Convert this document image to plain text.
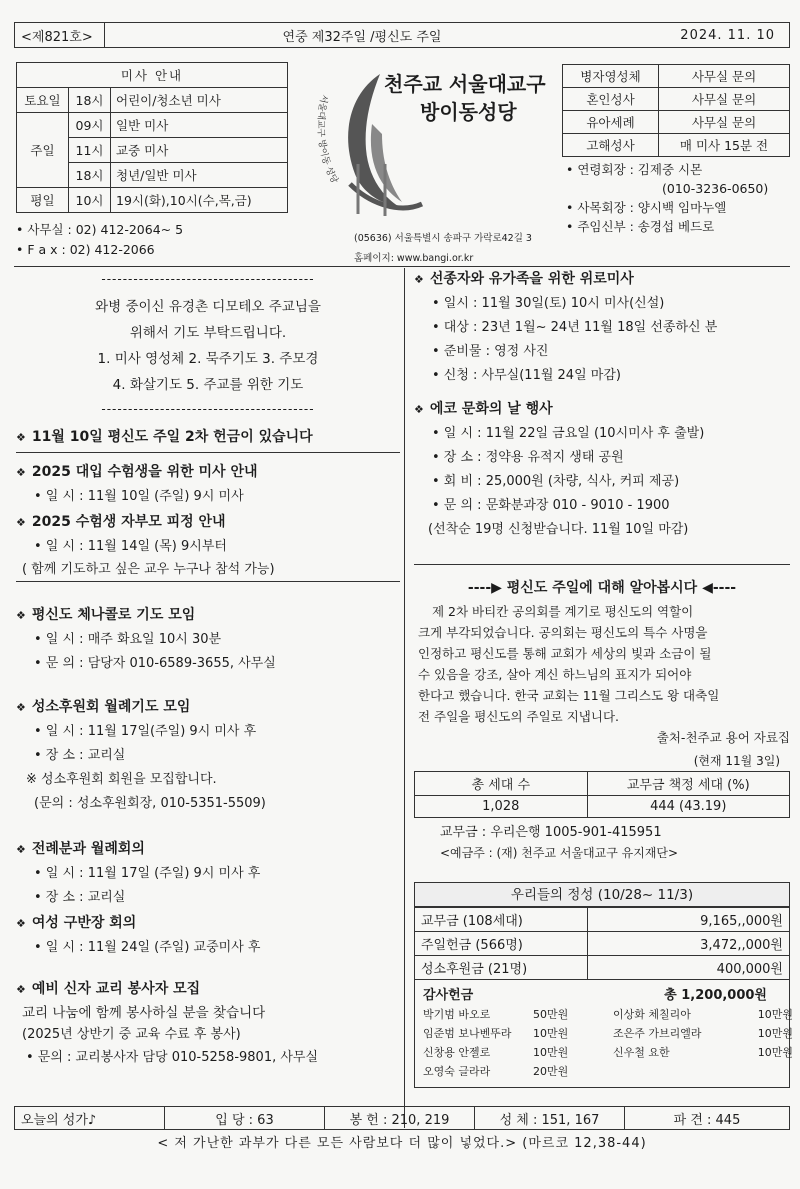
<제821호>	연중 제32주일 /평신도 주일	2024. 11. 10
미사 안내		
토요일	18시	어린이/청소년 미사
주일	09시	일반 미사
	11시	교중 미사
	18시	청년/일반 미사
평일	10시	19시(화),10시(수,목,금)
• 사무실 : 02) 412-2064~ 5
• F a x : 02) 412-2066
서울대교구 방이동 성당
천주교 서울대교구
방이동성당
(05636) 서울특별시 송파구 가락로42길 3
홈페이지: www.bangi.or.kr
병자영성체	사무실 문의
혼인성사	사무실 문의
유아세례	사무실 문의
고해성사	매 미사 15분 전
• 연령회장 : 김제중 시몬
(010-3236-0650)
• 사목회장 : 양시백 임마누엘
• 주임신부 : 송경섭 베드로
----------------------------------------
와병 중이신 유경촌 디모테오 주교님을
위해서 기도 부탁드립니다.
1. 미사 영성체 2. 묵주기도 3. 주모경
4. 화살기도 5. 주교를 위한 기도
----------------------------------------
❖ 11월 10일 평신도 주일 2차 헌금이 있습니다
❖ 2025 대입 수험생을 위한 미사 안내
• 일 시 : 11월 10일 (주일) 9시 미사
❖ 2025 수험생 자부모 피정 안내
• 일 시 : 11월 14일 (목) 9시부터
( 함께 기도하고 싶은 교우 누구나 참석 가능)
❖ 평신도 체나콜로 기도 모임
• 일 시 : 매주 화요일 10시 30분
• 문 의 : 담당자 010-6589-3655, 사무실
❖ 성소후원회 월례기도 모임
• 일 시 : 11월 17일(주일) 9시 미사 후
• 장 소 : 교리실
※ 성소후원회 회원을 모집합니다.
(문의 : 성소후원회장, 010-5351-5509)
❖ 전례분과 월례회의
• 일 시 : 11월 17일 (주일) 9시 미사 후
• 장 소 : 교리실
❖ 여성 구반장 회의
• 일 시 : 11월 24일 (주일) 교중미사 후
❖ 예비 신자 교리 봉사자 모집
교리 나눔에 함께 봉사하실 분을 찾습니다
(2025년 상반기 중 교육 수료 후 봉사)
• 문의 : 교리봉사자 담당 010-5258-9801, 사무실
❖ 선종자와 유가족을 위한 위로미사
• 일시 : 11월 30일(토) 10시 미사(신설)
• 대상 : 23년 1월~ 24년 11월 18일 선종하신 분
• 준비물 : 영정 사진
• 신청 : 사무실(11월 24일 마감)
❖ 에코 문화의 날 행사
• 일 시 : 11월 22일 금요일 (10시미사 후 출발)
• 장 소 : 정약용 유적지 생태 공원
• 회 비 : 25,000원 (차량, 식사, 커피 제공)
• 문 의 : 문화분과장 010 - 9010 - 1900
(선착순 19명 신청받습니다. 11월 10일 마감)
----▶ 평신도 주일에 대해 알아봅시다 ◀----
제 2차 바티칸 공의회를 계기로 평신도의 역할이
크게 부각되었습니다. 공의회는 평신도의 특수 사명을
인정하고 평신도를 통해 교회가 세상의 빛과 소금이 될
수 있음을 강조, 살아 계신 하느님의 표지가 되어야
한다고 했습니다. 한국 교회는 11월 그리스도 왕 대축일
전 주일을 평신도의 주일로 지냅니다.
출처-천주교 용어 자료집
(현재 11월 3일)
총 세대 수	교무금 책정 세대 (%)
1,028	444 (43.19)
교무금 : 우리은행 1005-901-415951
<예금주 : (재) 천주교 서울대교구 유지재단>
우리들의 정성 (10/28~ 11/3)
교무금 (108세대)	9,165,,000원
주일헌금 (566명)	3,472,,000원
성소후원금 (21명)	400,000원
감사헌금	총 1,200,000원
박기범 바오로	50만원	이상화 체칠리아	10만원
임준범 보나벤뚜라	10만원	조은주 가브리엘라	10만원
신창용 안젤로	10만원	신우철 요한	10만원
오영숙 글라라	20만원
오늘의 성가♪	입 당 : 63	봉 헌 : 210, 219	성 체 : 151, 167	파 견 : 445
< 저 가난한 과부가 다른 모든 사람보다 더 많이 넣었다.> (마르코 12,38-44)
